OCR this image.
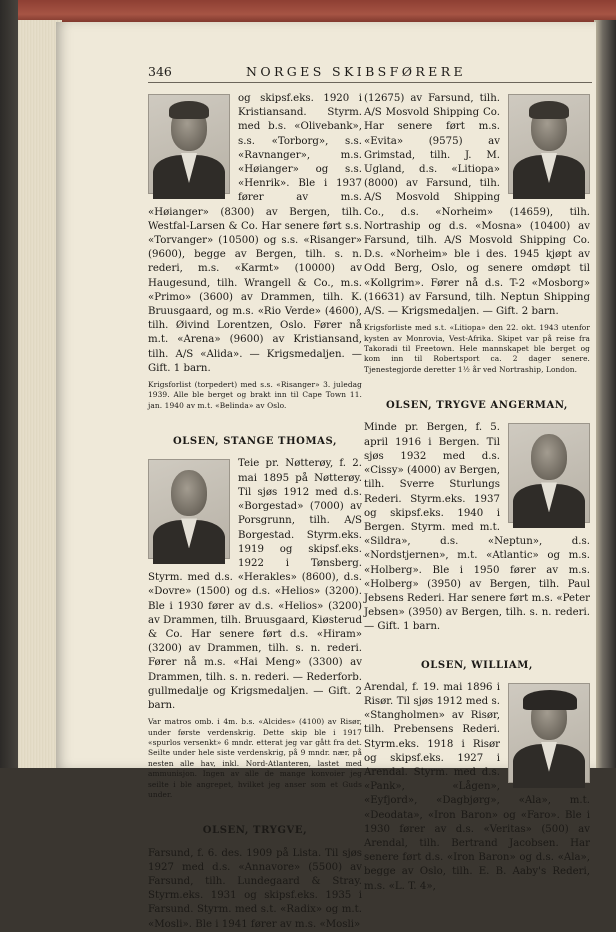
346	NORGES SKIBSFØRERE

og skipsf.eks. 1920 i Kristiansand. Styrm. med b.s. «Olivebank», s.s. «Torborg», s.s. «Ravnanger», m.s. «Høianger» og s.s. «Henrik». Ble i 1937 fører av m.s. «Høianger» (8300) av Bergen, tilh. Westfal-Larsen & Co. Har senere ført s.s. «Torvanger» (10500) og s.s. «Risanger» (9600), begge av Bergen, tilh. s. n. rederi, m.s. «Karmt» (10000) av Haugesund, tilh. Wrangell & Co., m.s. «Primo» (3600) av Drammen, tilh. K. Bruusgaard, og m.s. «Rio Verde» (4600), tilh. Øivind Lorentzen, Oslo. Fører nå m.t. «Arena» (9600) av Kristiansand, tilh. A/S «Alida». — Krigsmedaljen. — Gift. 1 barn.

Krigsforlist (torpedert) med s.s. «Risanger» 3. juledag 1939. Alle ble berget og brakt inn til Cape Town 11. jan. 1940 av m.t. «Belinda» av Oslo.

OLSEN, STANGE THOMAS,

Teie pr. Nøtterøy, f. 2. mai 1895 på Nøtterøy. Til sjøs 1912 med d.s. «Borgestad» (7000) av Porsgrunn, tilh. A/S Borgestad. Styrm.eks. 1919 og skipsf.eks. 1922 i Tønsberg. Styrm. med d.s. «Herakles» (8600), d.s. «Dovre» (1500) og d.s. «Helios» (3200). Ble i 1930 fører av d.s. «Helios» (3200) av Drammen, tilh. Bruusgaard, Kiøsterud & Co. Har senere ført d.s. «Hiram» (3200) av Drammen, tilh. s. n. rederi. Fører nå m.s. «Hai Meng» (3300) av Drammen, tilh. s. n. rederi. — Rederforb. gullmedalje og Krigsmedaljen. — Gift. 2 barn.

Var matros omb. i 4m. b.s. «Alcides» (4100) av Risør, under første verdenskrig. Dette skip ble i 1917 «spurlos versenkt» 6 mndr. etterat jeg var gått fra det. Seilte under hele siste verdenskrig, på 9 mndr. nær, på nesten alle hav, inkl. Nord-Atlanteren, lastet med ammunisjon. Ingen av alle de mange konvoier jeg seilte i ble angrepet, hvilket jeg anser som et Guds under.

OLSEN, TRYGVE,

Farsund, f. 6. des. 1909 på Lista. Til sjøs 1927 med d.s. «Annavore» (5500) av Farsund, tilh. Lundegaard & Stray. Styrm.eks. 1931 og skipsf.eks. 1935 i Farsund. Styrm. med s.t. «Radix» og m.t. «Mosli». Ble i 1941 fører av m.s. «Mosli»

(12675) av Farsund, tilh. A/S Mosvold Shipping Co. Har senere ført m.s. «Evita» (9575) av Grimstad, tilh. J. M. Ugland, d.s. «Litiopa» (8000) av Farsund, tilh. A/S Mosvold Shipping Co., d.s. «Norheim» (14659), tilh. Nortraship og d.s. «Mosna» (10400) av Farsund, tilh. A/S Mosvold Shipping Co. D.s. «Norheim» ble i des. 1945 kjøpt av Odd Berg, Oslo, og senere omdøpt til «Kollgrim». Fører nå d.s. T-2 «Mosborg» (16631) av Farsund, tilh. Neptun Shipping A/S. — Krigsmedaljen. — Gift. 2 barn.

Krigsforliste med s.t. «Litiopa» den 22. okt. 1943 utenfor kysten av Monrovia, Vest-Afrika. Skipet var på reise fra Takoradi til Freetown. Hele mannskapet ble berget og kom inn til Robertsport ca. 2 dager senere. Tjenestegjorde deretter 1½ år ved Nortraship, London.

OLSEN, TRYGVE ANGERMAN,

Minde pr. Bergen, f. 5. april 1916 i Bergen. Til sjøs 1932 med d.s. «Cissy» (4000) av Bergen, tilh. Sverre Sturlungs Rederi. Styrm.eks. 1937 og skipsf.eks. 1940 i Bergen. Styrm. med m.t. «Sildra», d.s. «Neptun», d.s. «Nordstjernen», m.t. «Atlantic» og m.s. «Holberg». Ble i 1950 fører av m.s. «Holberg» (3950) av Bergen, tilh. Paul Jebsens Rederi. Har senere ført m.s. «Peter Jebsen» (3950) av Bergen, tilh. s. n. rederi. — Gift. 1 barn.

OLSEN, WILLIAM,

Arendal, f. 19. mai 1896 i Risør. Til sjøs 1912 med s. «Stangholmen» av Risør, tilh. Prebensens Rederi. Styrm.eks. 1918 i Risør og skipsf.eks. 1927 i Arendal. Styrm. med d.s. «Pank», «Lågen», «Eyfjord», «Dagbjørg», «Ala», m.t. «Deodata», «Iron Baron» og «Faro». Ble i 1930 fører av d.s. «Veritas» (500) av Arendal, tilh. Bertrand Jacobsen. Har senere ført d.s. «Iron Baron» og d.s. «Ala», begge av Oslo, tilh. E. B. Aaby's Rederi, m.s. «L. T. 4»,
